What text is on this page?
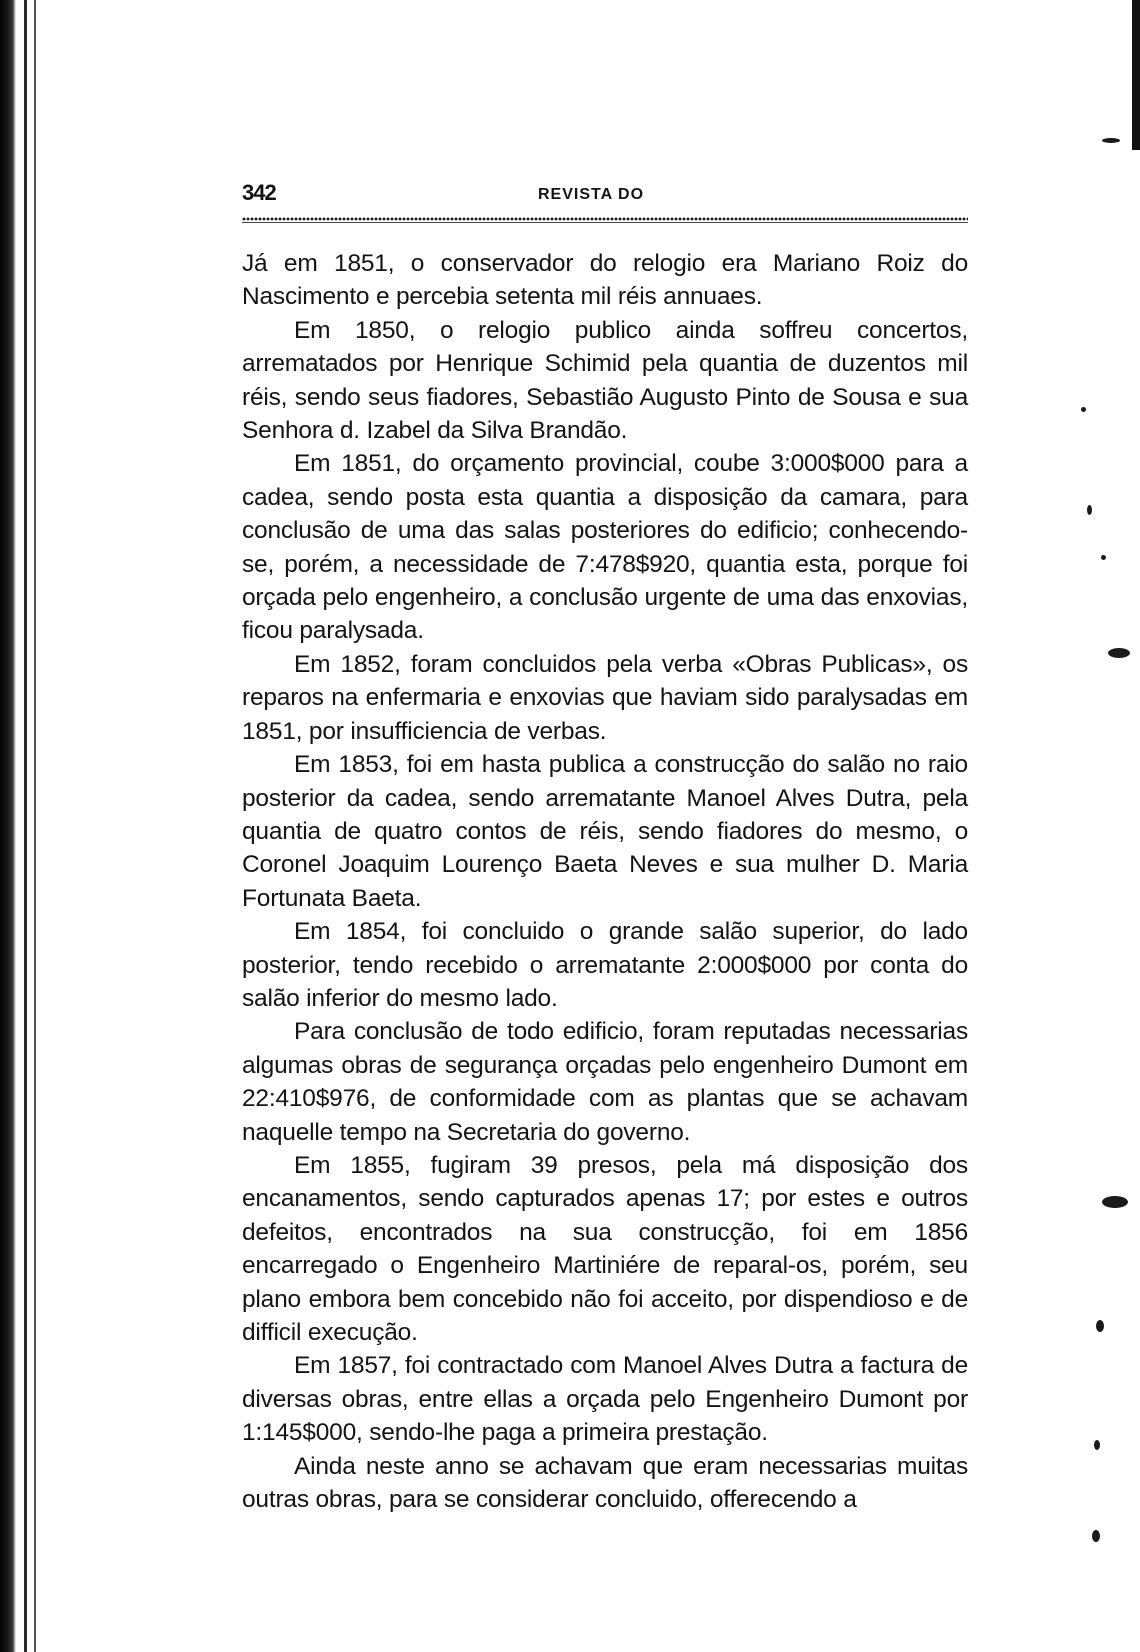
342	REVISTA DO

Já em 1851, o conservador do relogio era Mariano Roiz do Nascimento e percebia setenta mil réis annuaes.

Em 1850, o relogio publico ainda soffreu concertos, arrematados por Henrique Schimid pela quantia de duzentos mil réis, sendo seus fiadores, Sebastião Augusto Pinto de Sousa e sua Senhora d. Izabel da Silva Brandão.

Em 1851, do orçamento provincial, coube 3:000$000 para a cadea, sendo posta esta quantia a disposição da camara, para conclusão de uma das salas posteriores do edificio; conhecendo-se, porém, a necessidade de 7:478$920, quantia esta, porque foi orçada pelo engenheiro, a conclusão urgente de uma das enxovias, ficou paralysada.

Em 1852, foram concluidos pela verba «Obras Publicas», os reparos na enfermaria e enxovias que haviam sido paralysadas em 1851, por insufficiencia de verbas.

Em 1853, foi em hasta publica a construcção do salão no raio posterior da cadea, sendo arrematante Manoel Alves Dutra, pela quantia de quatro contos de réis, sendo fiadores do mesmo, o Coronel Joaquim Lourenço Baeta Neves e sua mulher D. Maria Fortunata Baeta.

Em 1854, foi concluido o grande salão superior, do lado posterior, tendo recebido o arrematante 2:000$000 por conta do salão inferior do mesmo lado.

Para conclusão de todo edificio, foram reputadas necessarias algumas obras de segurança orçadas pelo engenheiro Dumont em 22:410$976, de conformidade com as plantas que se achavam naquelle tempo na Secretaria do governo.

Em 1855, fugiram 39 presos, pela má disposição dos encanamentos, sendo capturados apenas 17; por estes e outros defeitos, encontrados na sua construcção, foi em 1856 encarregado o Engenheiro Martiniére de reparal-os, porém, seu plano embora bem concebido não foi acceito, por dispendioso e de difficil execução.

Em 1857, foi contractado com Manoel Alves Dutra a factura de diversas obras, entre ellas a orçada pelo Engenheiro Dumont por 1:145$000, sendo-lhe paga a primeira prestação.

Ainda neste anno se achavam que eram necessarias muitas outras obras, para se considerar concluido, offerecendo a
